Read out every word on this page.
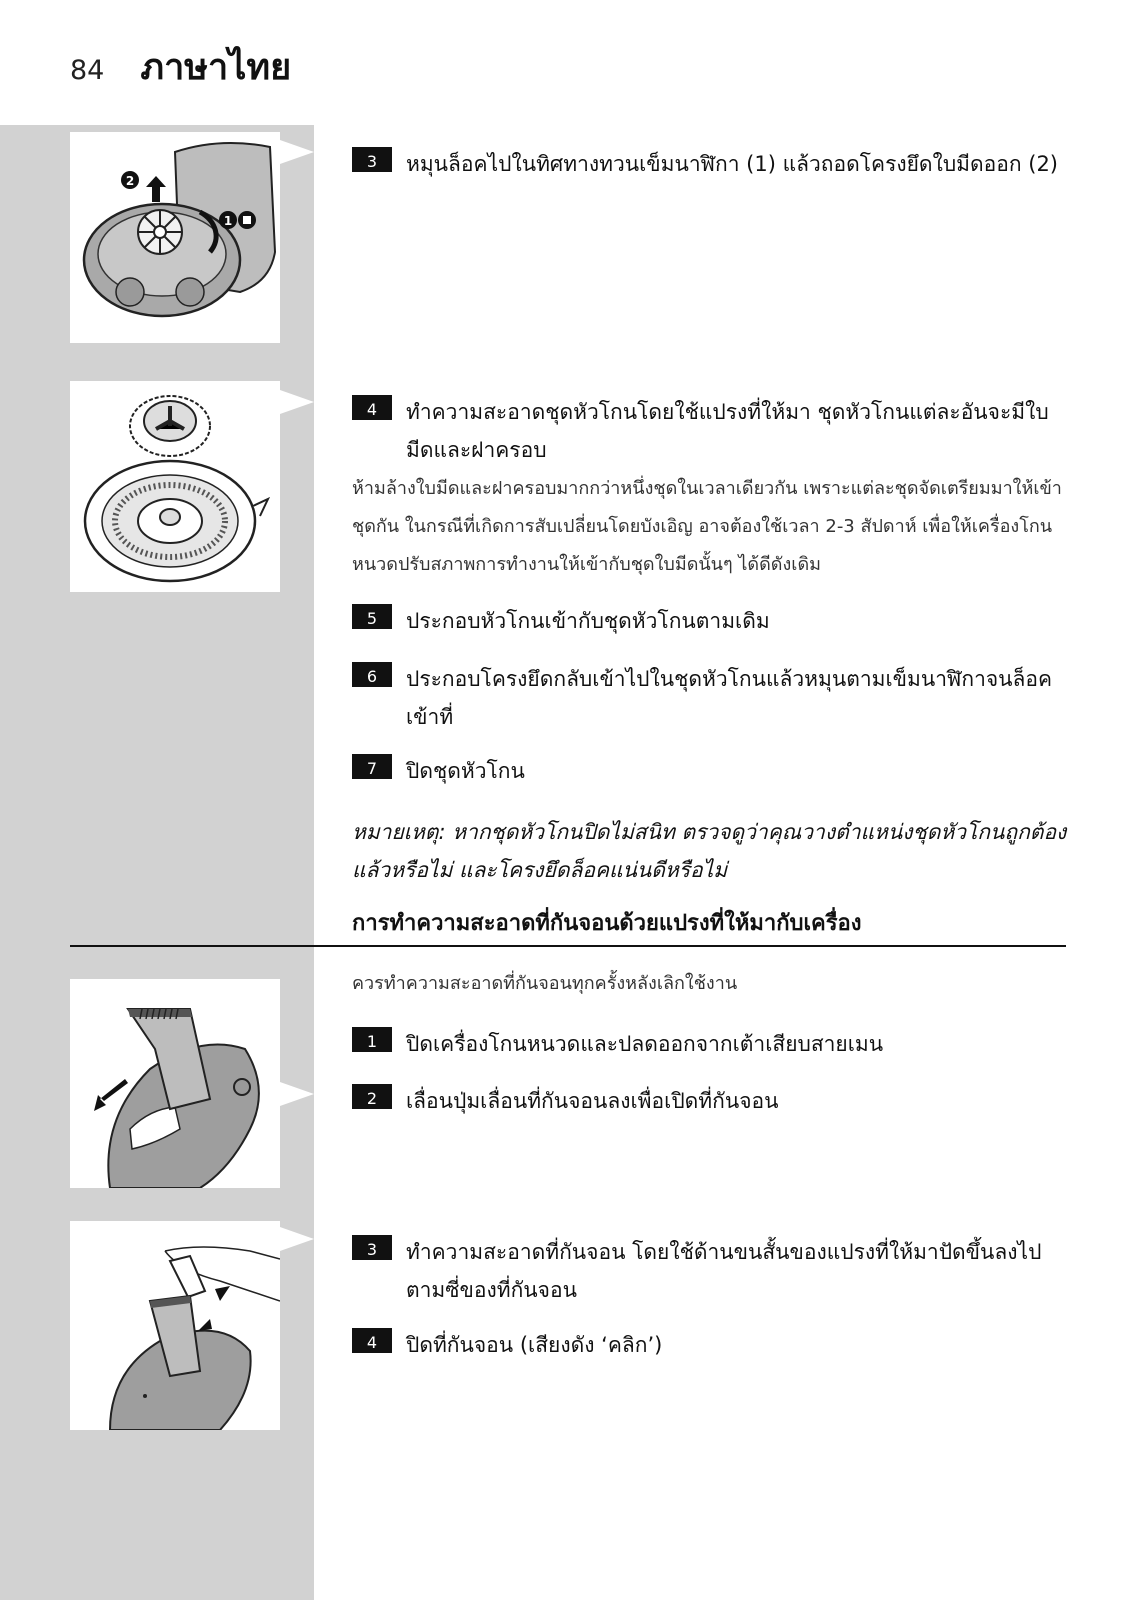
84 ภาษาไทย
2
1
3	หมุนล็อคไปในทิศทางทวนเข็มนาฬิกา (1) แล้วถอดโครงยึดใบมีดออก (2)
4	ทำความสะอาดชุดหัวโกนโดยใช้แปรงที่ให้มา ชุดหัวโกนแต่ละอันจะมีใบมีดและฝาครอบ
ห้ามล้างใบมีดและฝาครอบมากกว่าหนึ่งชุดในเวลาเดียวกัน เพราะแต่ละชุดจัดเตรียมมาให้เข้าชุดกัน ในกรณีที่เกิดการสับเปลี่ยนโดยบังเอิญ อาจต้องใช้เวลา 2-3 สัปดาห์ เพื่อให้เครื่องโกนหนวดปรับสภาพการทำงานให้เข้ากับชุดใบมีดนั้นๆ ได้ดีดังเดิม
5	ประกอบหัวโกนเข้ากับชุดหัวโกนตามเดิม
6	ประกอบโครงยึดกลับเข้าไปในชุดหัวโกนแล้วหมุนตามเข็มนาฬิกาจนล็อคเข้าที่
7	ปิดชุดหัวโกน
หมายเหตุ: หากชุดหัวโกนปิดไม่สนิท ตรวจดูว่าคุณวางตำแหน่งชุดหัวโกนถูกต้องแล้วหรือไม่ และโครงยึดล็อคแน่นดีหรือไม่
การทำความสะอาดที่กันจอนด้วยแปรงที่ให้มากับเครื่อง
ควรทำความสะอาดที่กันจอนทุกครั้งหลังเลิกใช้งาน
1	ปิดเครื่องโกนหนวดและปลดออกจากเต้าเสียบสายเมน
2	เลื่อนปุ่มเลื่อนที่กันจอนลงเพื่อเปิดที่กันจอน
3	ทำความสะอาดที่กันจอน โดยใช้ด้านขนสั้นของแปรงที่ให้มาปัดขึ้นลงไปตามซี่ของที่กันจอน
4	ปิดที่กันจอน (เสียงดัง ‘คลิก’)
